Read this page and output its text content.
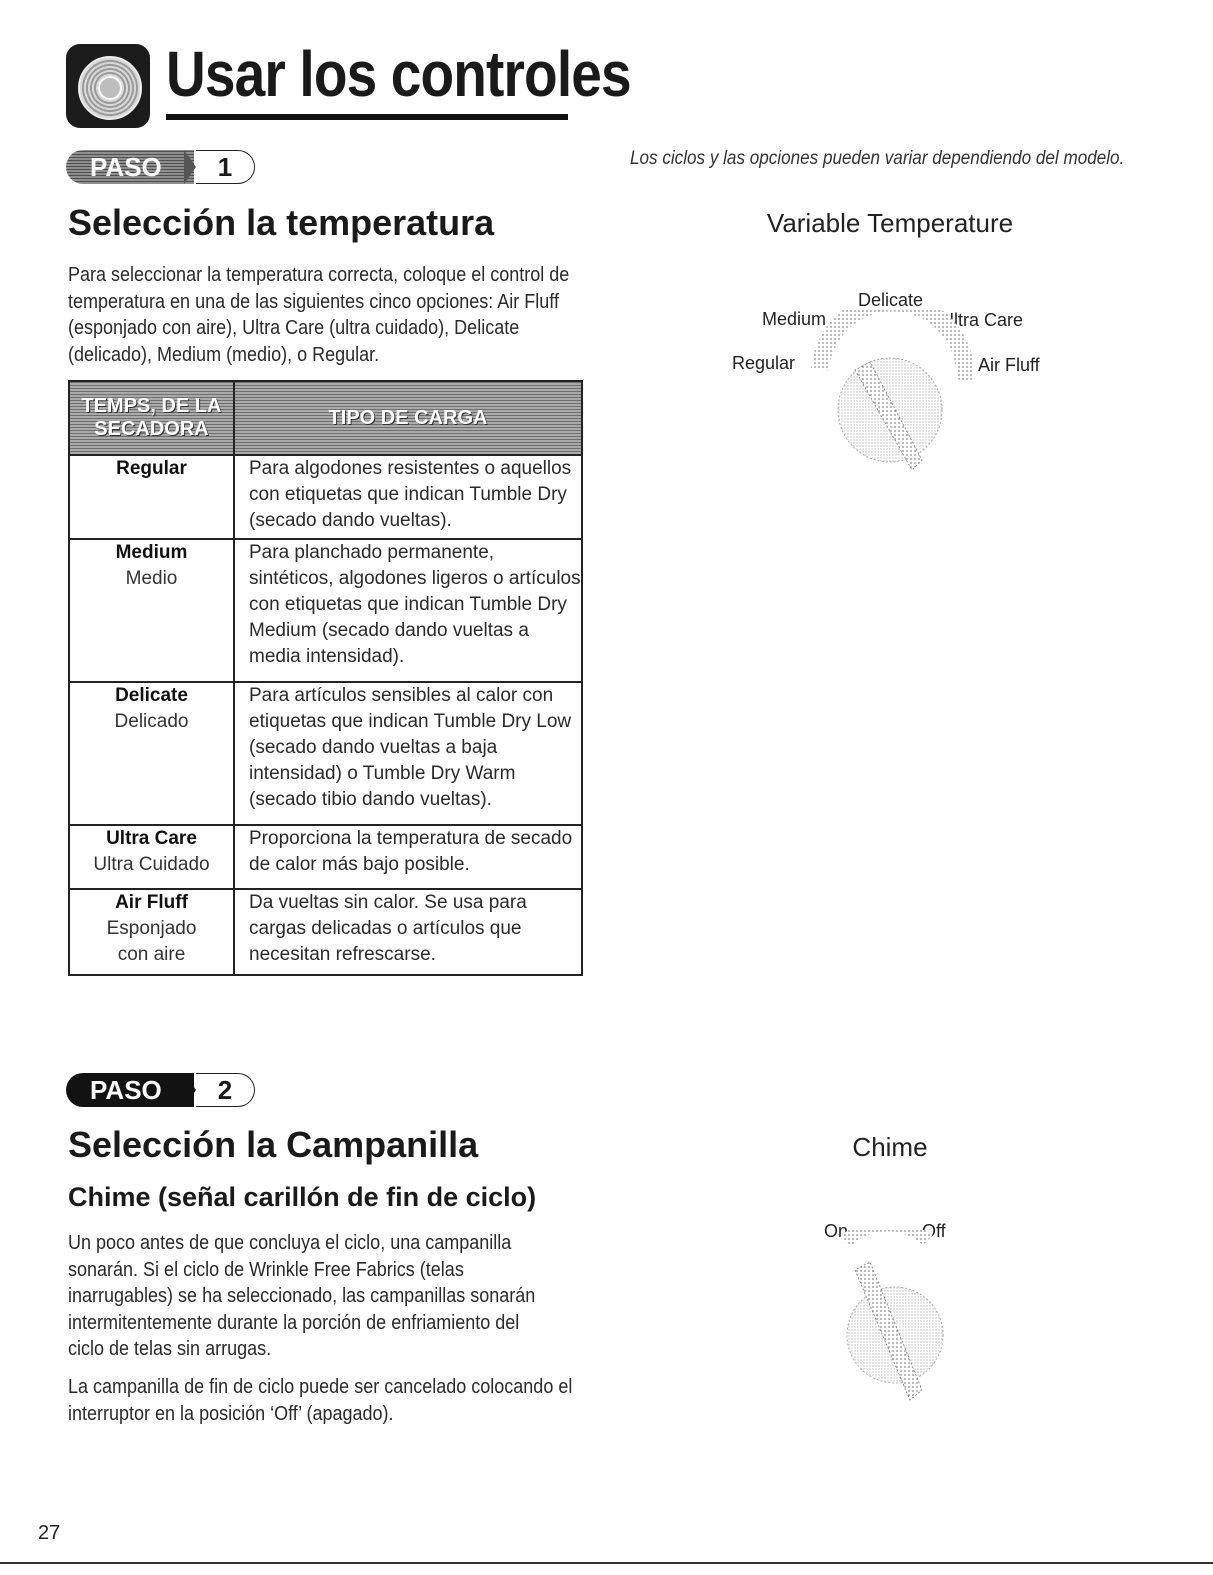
Usar los controles
Los ciclos y las opciones pueden variar dependiendo del modelo.
PASO	1
Selección la temperatura
Para seleccionar la temperatura correcta, coloque el control de temperatura en una de las siguientes cinco opciones: Air Fluff (esponjado con aire), Ultra Care (ultra cuidado), Delicate (delicado), Medium (medio), o Regular.
TEMPS, DE LA SECADORA	TIPO DE CARGA

Regular	Para algodones resistentes o aquellos con etiquetas que indican Tumble Dry (secado dando vueltas).

Medium
Medio	Para planchado permanente, sintéticos, algodones ligeros o artículos con etiquetas que indican Tumble Dry Medium (secado dando vueltas a media intensidad).

Delicate
Delicado	Para artículos sensibles al calor con etiquetas que indican Tumble Dry Low (secado dando vueltas a baja intensidad) o Tumble Dry Warm (secado tibio dando vueltas).

Ultra Care
Ultra Cuidado	Proporciona la temperatura de secado de calor más bajo posible.

Air Fluff
Esponjado con aire	Da vueltas sin calor. Se usa para cargas delicadas o artículos que necesitan refrescarse.
Variable Temperature
Delicate
Medium	Ultra Care
Regular	Air Fluff
PASO	2
Selección la Campanilla
Chime (señal carillón de fin de ciclo)
Un poco antes de que concluya el ciclo, una campanilla sonarán. Si el ciclo de Wrinkle Free Fabrics (telas inarrugables) se ha seleccionado, las campanillas sonarán intermitentemente durante la porción de enfriamiento del ciclo de telas sin arrugas.
La campanilla de fin de ciclo puede ser cancelado colocando el interruptor en la posición ‘Off’ (apagado).
Chime
On	Off
27
